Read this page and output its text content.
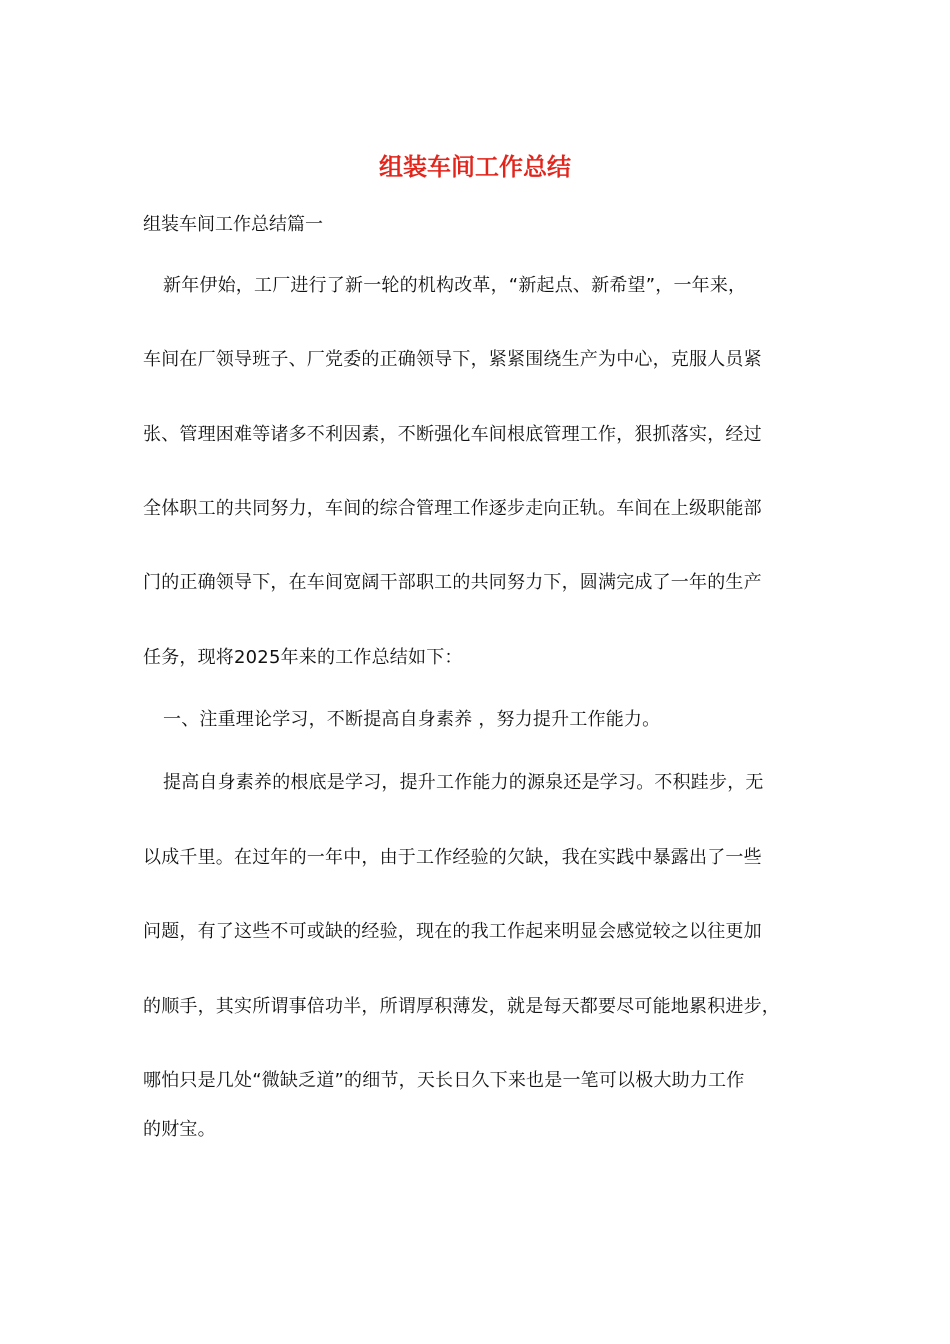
组装车间工作总结

组装车间工作总结篇一

新年伊始，工厂进行了新一轮的机构改革，“新起点、新希望”，一年来，

车间在厂领导班子、厂党委的正确领导下，紧紧围绕生产为中心，克服人员紧

张、管理困难等诸多不利因素，不断强化车间根底管理工作，狠抓落实，经过

全体职工的共同努力，车间的综合管理工作逐步走向正轨。车间在上级职能部

门的正确领导下，在车间宽阔干部职工的共同努力下，圆满完成了一年的生产

任务，现将2025年来的工作总结如下：

一、注重理论学习，不断提高自身素养 ，努力提升工作能力。

提高自身素养的根底是学习，提升工作能力的源泉还是学习。不积跬步，无

以成千里。在过年的一年中，由于工作经验的欠缺，我在实践中暴露出了一些

问题，有了这些不可或缺的经验，现在的我工作起来明显会感觉较之以往更加

的顺手，其实所谓事倍功半，所谓厚积薄发，就是每天都要尽可能地累积进步，

哪怕只是几处“微缺乏道”的细节，天长日久下来也是一笔可以极大助力工作

的财宝。
